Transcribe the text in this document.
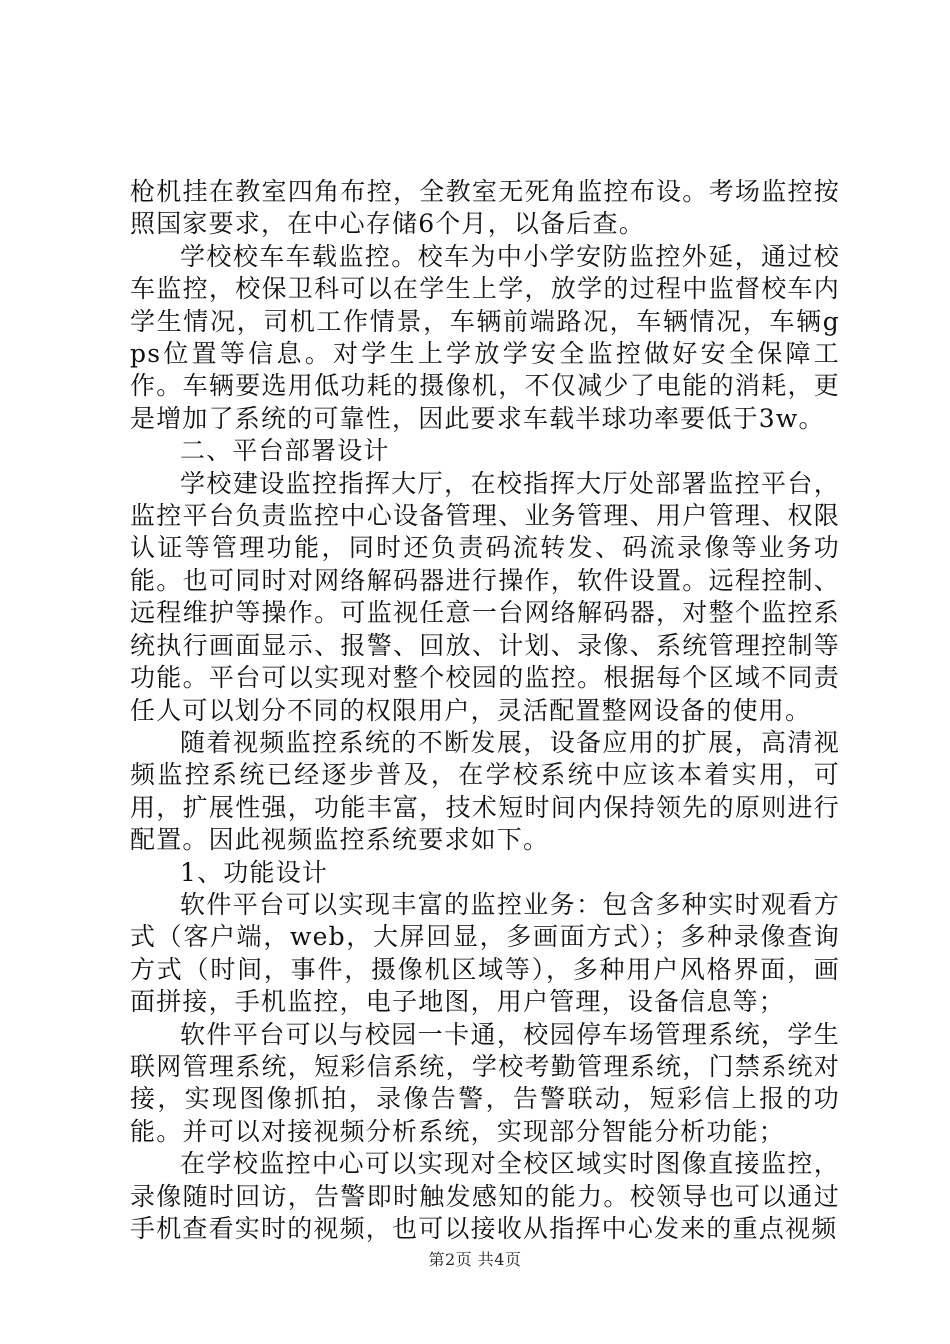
枪机挂在教室四角布控，全教室无死角监控布设。考场监控按照国家要求，在中心存储6个月，以备后查。

学校校车车载监控。校车为中小学安防监控外延，通过校车监控，校保卫科可以在学生上学，放学的过程中监督校车内学生情况，司机工作情景，车辆前端路况，车辆情况，车辆gps位置等信息。对学生上学放学安全监控做好安全保障工作。车辆要选用低功耗的摄像机，不仅减少了电能的消耗，更是增加了系统的可靠性，因此要求车载半球功率要低于3w。

二、平台部署设计

学校建设监控指挥大厅，在校指挥大厅处部署监控平台，监控平台负责监控中心设备管理、业务管理、用户管理、权限认证等管理功能，同时还负责码流转发、码流录像等业务功能。也可同时对网络解码器进行操作，软件设置。远程控制、远程维护等操作。可监视任意一台网络解码器，对整个监控系统执行画面显示、报警、回放、计划、录像、系统管理控制等功能。平台可以实现对整个校园的监控。根据每个区域不同责任人可以划分不同的权限用户，灵活配置整网设备的使用。

随着视频监控系统的不断发展，设备应用的扩展，高清视频监控系统已经逐步普及，在学校系统中应该本着实用，可用，扩展性强，功能丰富，技术短时间内保持领先的原则进行配置。因此视频监控系统要求如下。

1、功能设计

软件平台可以实现丰富的监控业务：包含多种实时观看方式（客户端，web，大屏回显，多画面方式）；多种录像查询方式（时间，事件，摄像机区域等），多种用户风格界面，画面拼接，手机监控，电子地图，用户管理，设备信息等；

软件平台可以与校园一卡通，校园停车场管理系统，学生联网管理系统，短彩信系统，学校考勤管理系统，门禁系统对接，实现图像抓拍，录像告警，告警联动，短彩信上报的功能。并可以对接视频分析系统，实现部分智能分析功能；

在学校监控中心可以实现对全校区域实时图像直接监控，录像随时回访，告警即时触发感知的能力。校领导也可以通过手机查看实时的视频，也可以接收从指挥中心发来的重点视频

第2页 共4页
